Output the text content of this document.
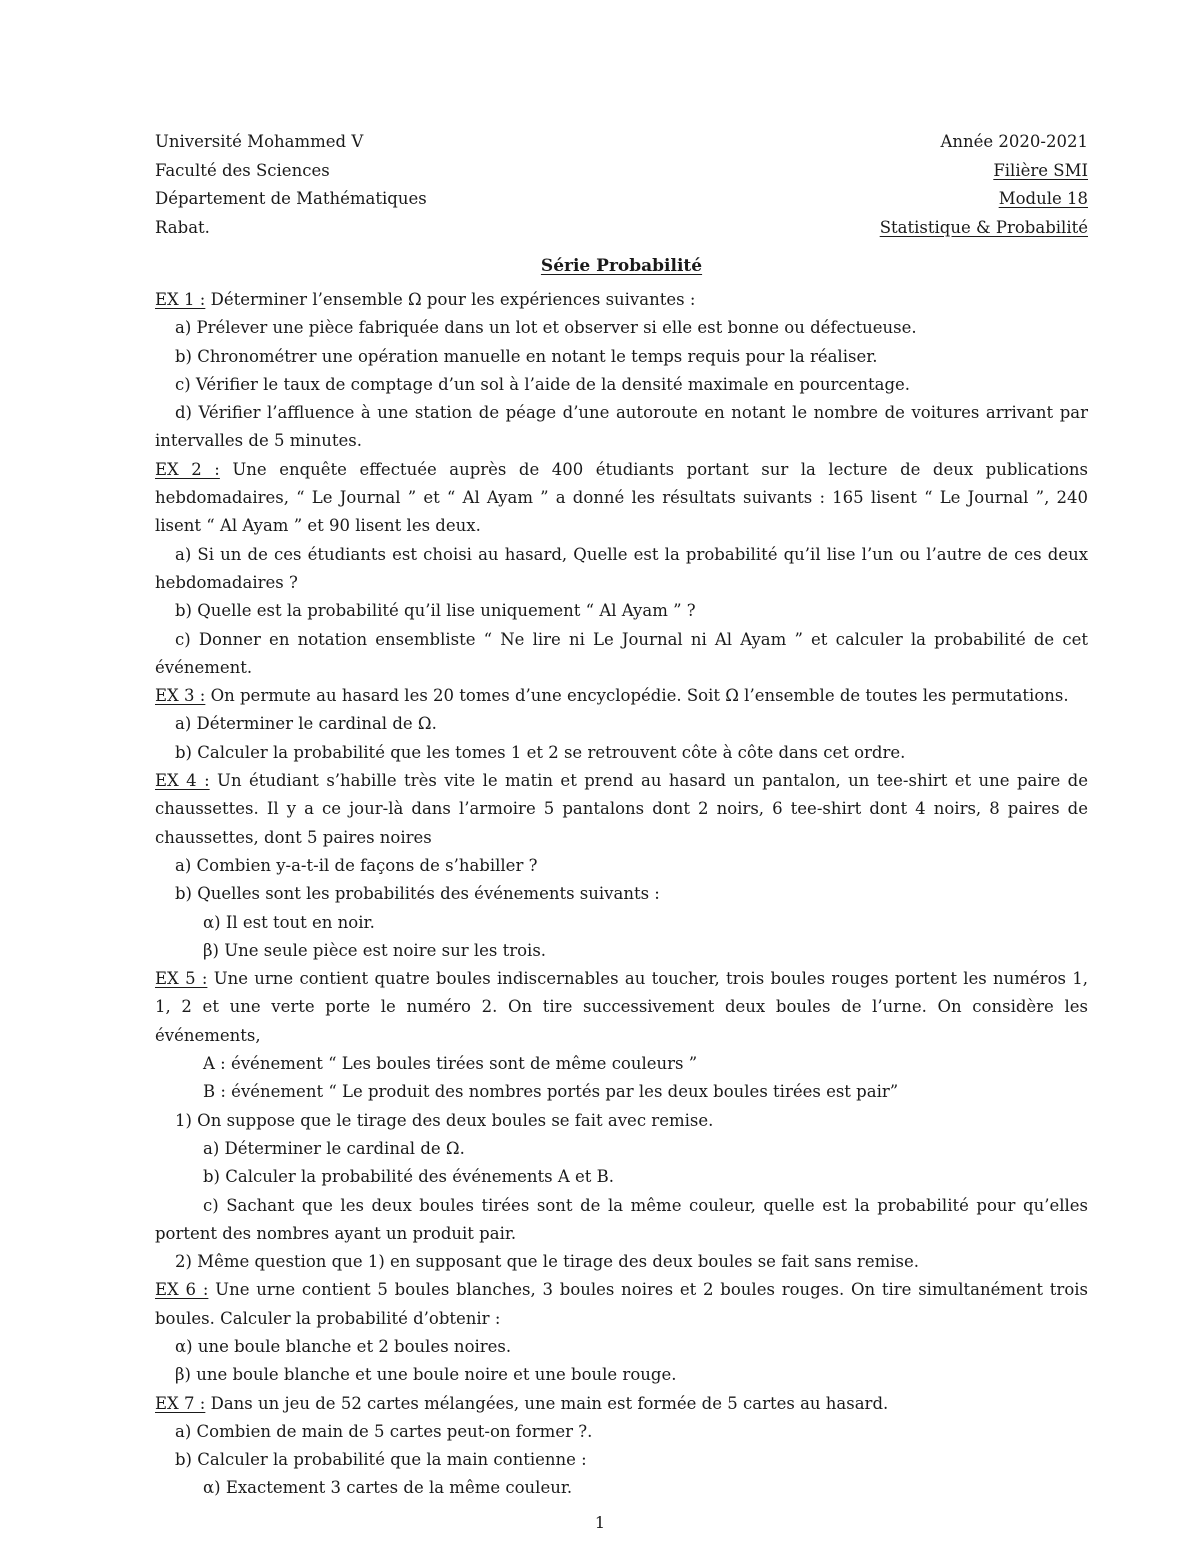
Université Mohammed V	Année 2020-2021
Faculté des Sciences	Filière SMI
Département de Mathématiques	Module 18
Rabat.	Statistique & Probabilité
Série Probabilité
EX 1 : Déterminer l’ensemble Ω pour les expériences suivantes :
a) Prélever une pièce fabriquée dans un lot et observer si elle est bonne ou défectueuse.
b) Chronométrer une opération manuelle en notant le temps requis pour la réaliser.
c) Vérifier le taux de comptage d’un sol à l’aide de la densité maximale en pourcentage.
d) Vérifier l’affluence à une station de péage d’une autoroute en notant le nombre de voitures arrivant par intervalles de 5 minutes.
EX 2 : Une enquête effectuée auprès de 400 étudiants portant sur la lecture de deux publications hebdomadaires, “ Le Journal ” et “ Al Ayam ” a donné les résultats suivants : 165 lisent “ Le Journal ”, 240 lisent “ Al Ayam ” et 90 lisent les deux.
a) Si un de ces étudiants est choisi au hasard, Quelle est la probabilité qu’il lise l’un ou l’autre de ces deux hebdomadaires ?
b) Quelle est la probabilité qu’il lise uniquement “ Al Ayam ” ?
c) Donner en notation ensembliste “ Ne lire ni Le Journal ni Al Ayam ” et calculer la probabilité de cet événement.
EX 3 : On permute au hasard les 20 tomes d’une encyclopédie. Soit Ω l’ensemble de toutes les permutations.
a) Déterminer le cardinal de Ω.
b) Calculer la probabilité que les tomes 1 et 2 se retrouvent côte à côte dans cet ordre.
EX 4 : Un étudiant s’habille très vite le matin et prend au hasard un pantalon, un tee-shirt et une paire de chaussettes. Il y a ce jour-là dans l’armoire 5 pantalons dont 2 noirs, 6 tee-shirt dont 4 noirs, 8 paires de chaussettes, dont 5 paires noires
a) Combien y-a-t-il de façons de s’habiller ?
b) Quelles sont les probabilités des événements suivants :
α) Il est tout en noir.
β) Une seule pièce est noire sur les trois.
EX 5 : Une urne contient quatre boules indiscernables au toucher, trois boules rouges portent les numéros 1, 1, 2 et une verte porte le numéro 2. On tire successivement deux boules de l’urne. On considère les événements,
A : événement “ Les boules tirées sont de même couleurs ”
B : événement “ Le produit des nombres portés par les deux boules tirées est pair”
1) On suppose que le tirage des deux boules se fait avec remise.
a) Déterminer le cardinal de Ω.
b) Calculer la probabilité des événements A et B.
c) Sachant que les deux boules tirées sont de la même couleur, quelle est la probabilité pour qu’elles portent des nombres ayant un produit pair.
2) Même question que 1) en supposant que le tirage des deux boules se fait sans remise.
EX 6 : Une urne contient 5 boules blanches, 3 boules noires et 2 boules rouges. On tire simultanément trois boules. Calculer la probabilité d’obtenir :
α) une boule blanche et 2 boules noires.
β) une boule blanche et une boule noire et une boule rouge.
EX 7 : Dans un jeu de 52 cartes mélangées, une main est formée de 5 cartes au hasard.
a) Combien de main de 5 cartes peut-on former ?.
b) Calculer la probabilité que la main contienne :
α) Exactement 3 cartes de la même couleur.
1
